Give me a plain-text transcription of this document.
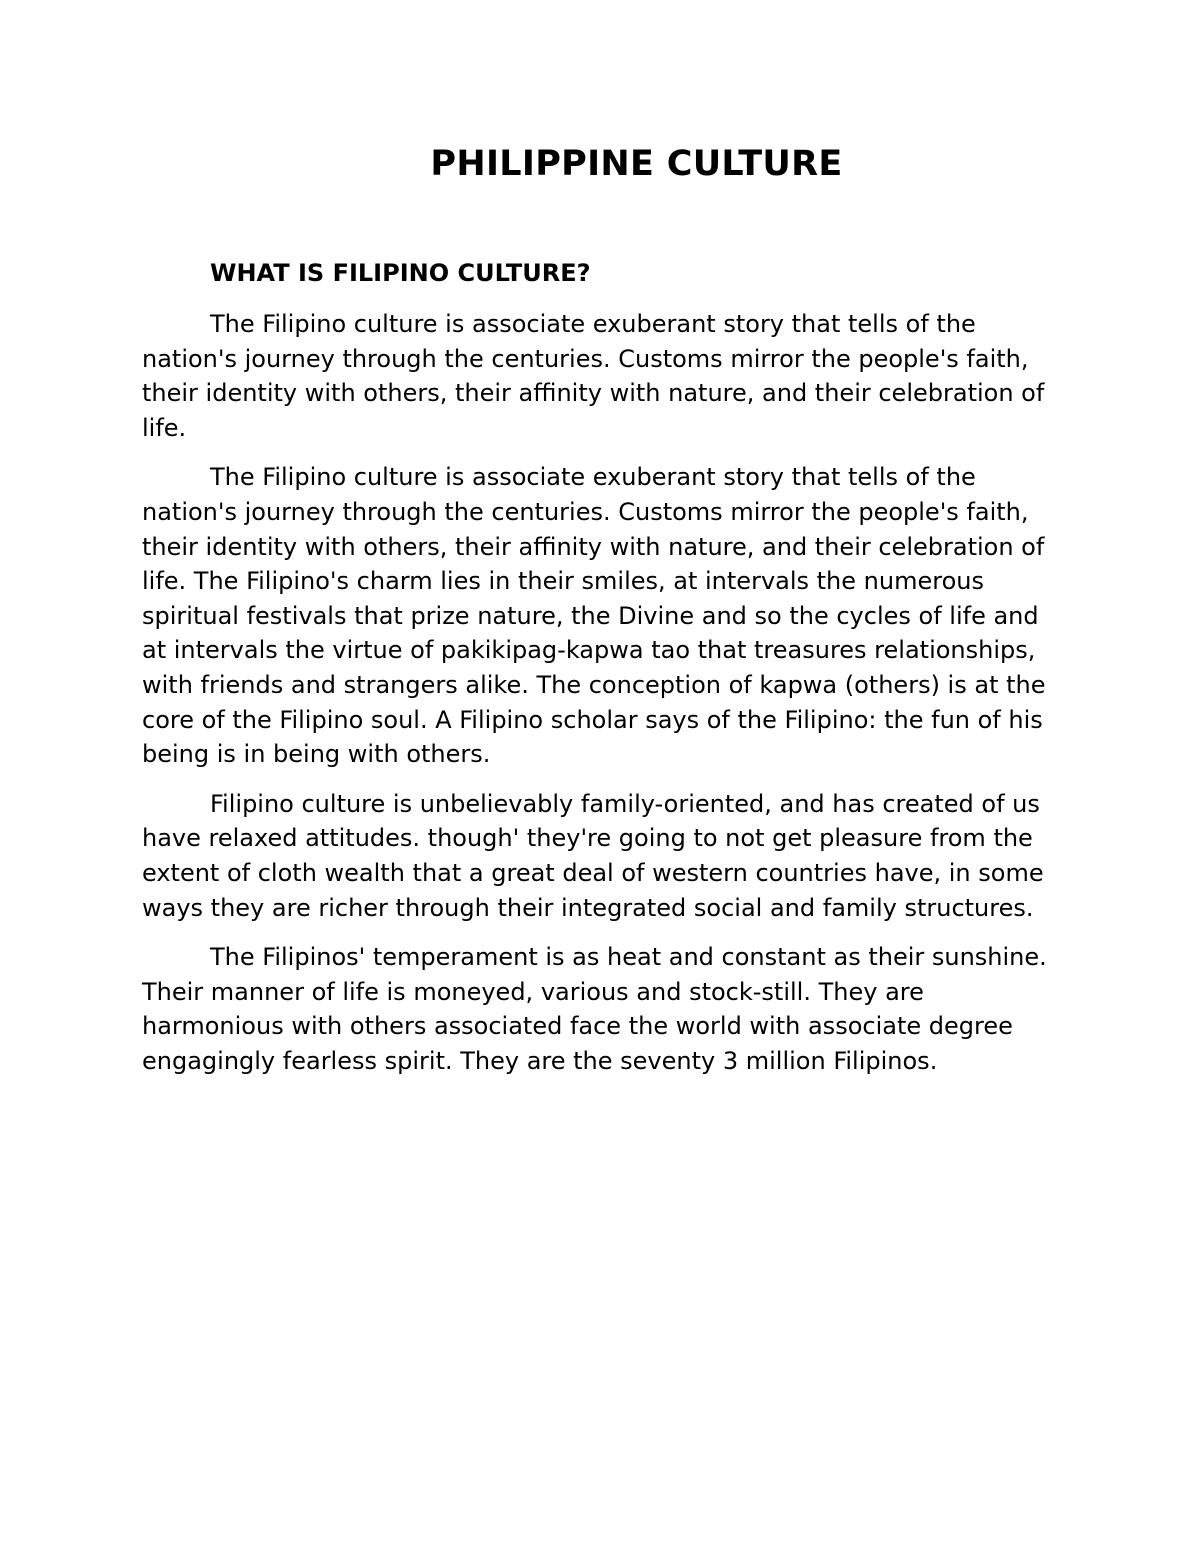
PHILIPPINE CULTURE
WHAT IS FILIPINO CULTURE?

The Filipino culture is associate exuberant story that tells of the nation's journey through the centuries. Customs mirror the people's faith, their identity with others, their affinity with nature, and their celebration of life.

The Filipino culture is associate exuberant story that tells of the nation's journey through the centuries. Customs mirror the people's faith, their identity with others, their affinity with nature, and their celebration of life. The Filipino's charm lies in their smiles, at intervals the numerous spiritual festivals that prize nature, the Divine and so the cycles of life and at intervals the virtue of pakikipag-kapwa tao that treasures relationships, with friends and strangers alike. The conception of kapwa (others) is at the core of the Filipino soul. A Filipino scholar says of the Filipino: the fun of his being is in being with others.

Filipino culture is unbelievably family-oriented, and has created of us have relaxed attitudes. though' they're going to not get pleasure from the extent of cloth wealth that a great deal of western countries have, in some ways they are richer through their integrated social and family structures.

The Filipinos' temperament is as heat and constant as their sunshine. Their manner of life is moneyed, various and stock-still. They are harmonious with others associated face the world with associate degree engagingly fearless spirit. They are the seventy 3 million Filipinos.
